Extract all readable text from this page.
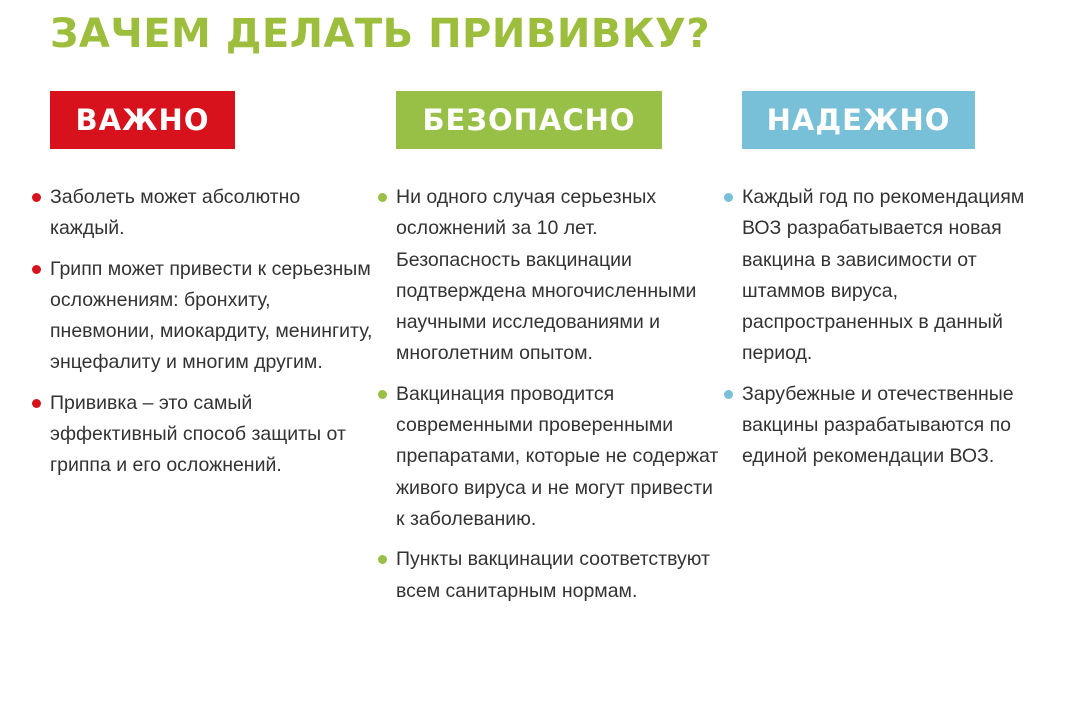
ЗАЧЕМ ДЕЛАТЬ ПРИВИВКУ?
ВАЖНО
Заболеть может абсолютно каждый.
Грипп может привести к серьезным осложнениям: бронхиту, пневмонии, миокардиту, менингиту, энцефалиту и многим другим.
Прививка – это самый эффективный способ защиты от гриппа и его осложнений.
БЕЗОПАСНО
Ни одного случая серьезных осложнений за 10 лет. Безопасность вакцинации подтверждена многочисленными научными исследованиями и многолетним опытом.
Вакцинация проводится современными проверенными препаратами, которые не содержат живого вируса и не могут привести к заболеванию.
Пункты вакцинации соответствуют всем санитарным нормам.
НАДЕЖНО
Каждый год по рекомендациям ВОЗ разрабатывается новая вакцина в зависимости от штаммов вируса, распространенных в данный период.
Зарубежные и отечественные вакцины разрабатываются по единой рекомендации ВОЗ.
